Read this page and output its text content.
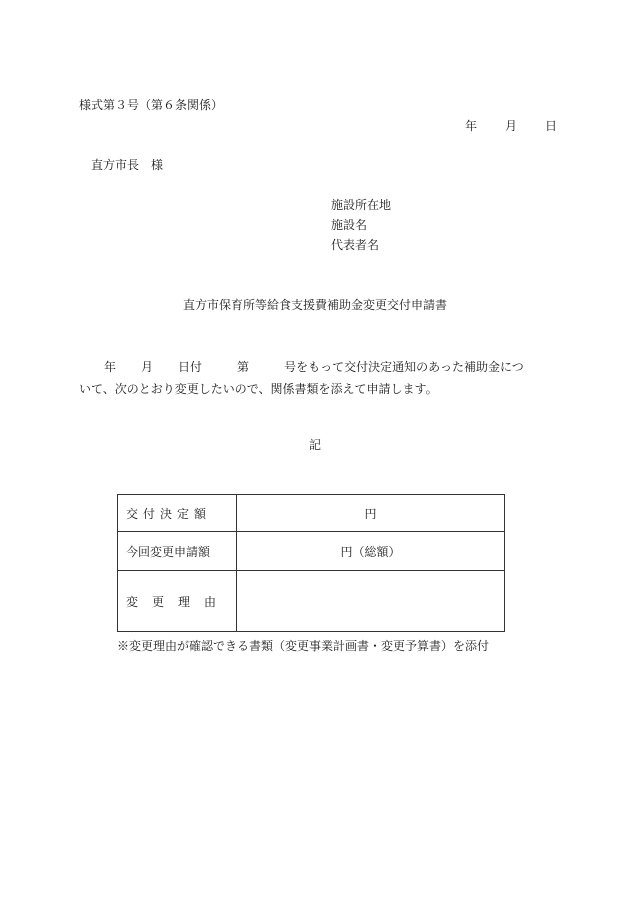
様式第３号（第６条関係）
年 月 日
直方市長　様
施設所在地
施設名
代表者名
直方市保育所等給食支援費補助金変更交付申請書
年 月 日付	第	号をもって交付決定通知のあった補助金につ
いて、次のとおり変更したいので、関係書類を添えて申請します。
記
交付決定額	円
今回変更申請額	円（総額）
変更理由	
※変更理由が確認できる書類（変更事業計画書・変更予算書）を添付
